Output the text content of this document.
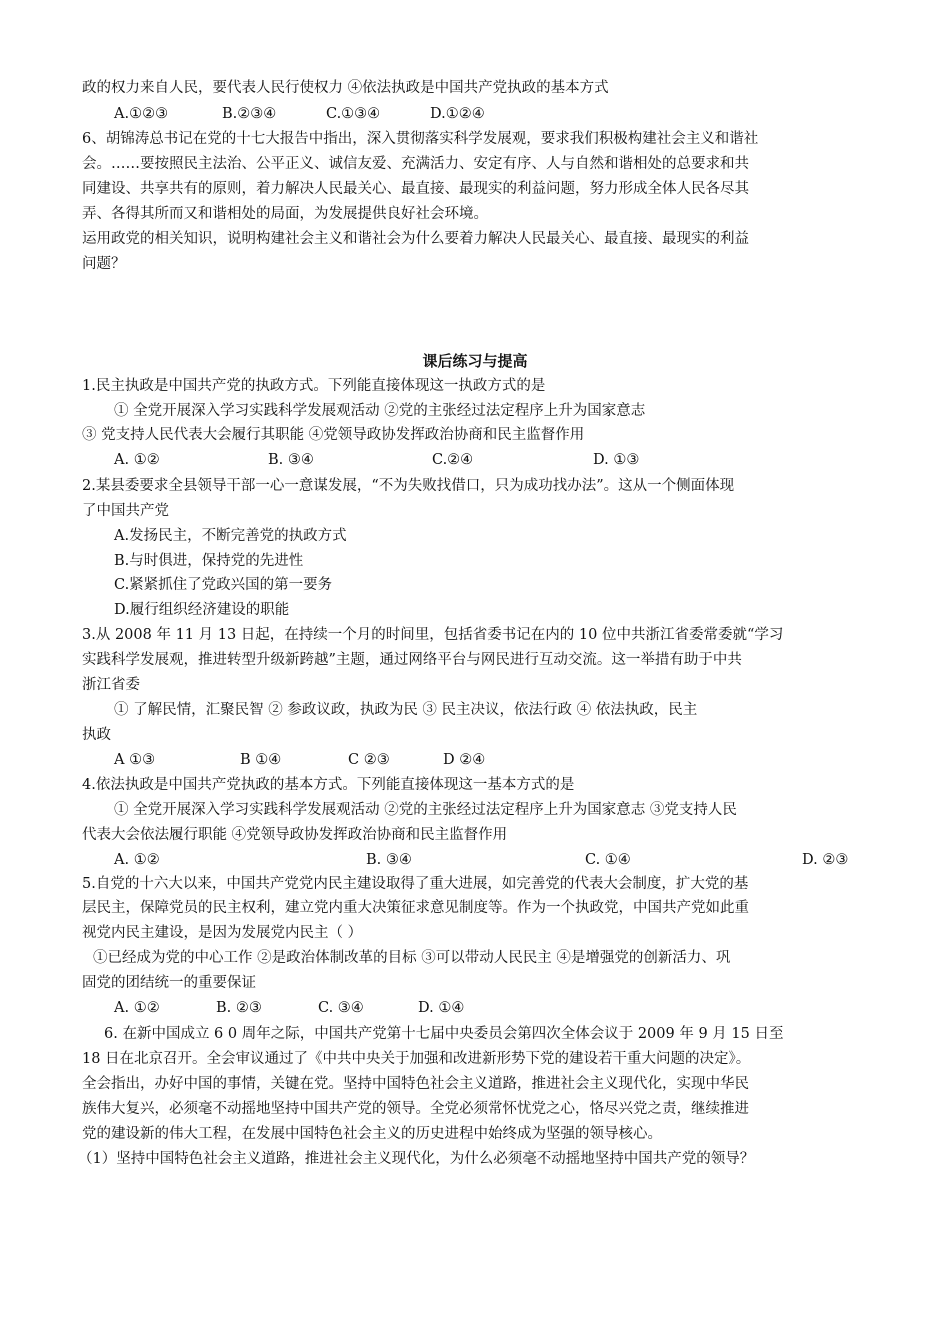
政的权力来自人民，要代表人民行使权力 ④依法执政是中国共产党执政的基本方式
A.①②③	B.②③④	C.①③④	D.①②④
6、胡锦涛总书记在党的十七大报告中指出，深入贯彻落实科学发展观，要求我们积极构建社会主义和谐社
会。……要按照民主法治、公平正义、诚信友爱、充满活力、安定有序、人与自然和谐相处的总要求和共
同建设、共享共有的原则，着力解决人民最关心、最直接、最现实的利益问题，努力形成全体人民各尽其
弄、各得其所而又和谐相处的局面，为发展提供良好社会环境。
运用政党的相关知识，说明构建社会主义和谐社会为什么要着力解决人民最关心、最直接、最现实的利益
问题？
课后练习与提高
1.民主执政是中国共产党的执政方式。下列能直接体现这一执政方式的是
① 全党开展深入学习实践科学发展观活动 ②党的主张经过法定程序上升为国家意志
③ 党支持人民代表大会履行其职能 ④党领导政协发挥政治协商和民主监督作用
A. ①②	B. ③④	C.②④	D. ①③
2.某县委要求全县领导干部一心一意谋发展，“不为失败找借口，只为成功找办法”。这从一个侧面体现
了中国共产党
A.发扬民主，不断完善党的执政方式
B.与时俱进，保持党的先进性
C.紧紧抓住了党政兴国的第一要务
D.履行组织经济建设的职能
3.从 2008 年 11 月 13 日起，在持续一个月的时间里，包括省委书记在内的 10 位中共浙江省委常委就“学习
实践科学发展观，推进转型升级新跨越”主题，通过网络平台与网民进行互动交流。这一举措有助于中共
浙江省委
① 了解民情，汇聚民智 ② 参政议政，执政为民 ③ 民主决议，依法行政 ④ 依法执政，民主
执政
A ①③	B ①④	C ②③	D ②④
4.依法执政是中国共产党执政的基本方式。下列能直接体现这一基本方式的是
① 全党开展深入学习实践科学发展观活动 ②党的主张经过法定程序上升为国家意志 ③党支持人民
代表大会依法履行职能 ④党领导政协发挥政治协商和民主监督作用
A. ①②	B. ③④	C. ①④	D. ②③
5.自党的十六大以来，中国共产党党内民主建设取得了重大进展，如完善党的代表大会制度，扩大党的基
层民主，保障党员的民主权利，建立党内重大决策征求意见制度等。作为一个执政党，中国共产党如此重
视党内民主建设，是因为发展党内民主（ ）
①已经成为党的中心工作 ②是政治体制改革的目标 ③可以带动人民民主 ④是增强党的创新活力、巩
固党的团结统一的重要保证
A. ①②	B. ②③	C. ③④	D. ①④
6. 在新中国成立 6 0 周年之际，中国共产党第十七届中央委员会第四次全体会议于 2009 年 9 月 15 日至
18 日在北京召开。全会审议通过了《中共中央关于加强和改进新形势下党的建设若干重大问题的决定》。
全会指出，办好中国的事情，关键在党。坚持中国特色社会主义道路，推进社会主义现代化，实现中华民
族伟大复兴，必须毫不动摇地坚持中国共产党的领导。全党必须常怀忧党之心，恪尽兴党之责，继续推进
党的建设新的伟大工程，在发展中国特色社会主义的历史进程中始终成为坚强的领导核心。
（1）坚持中国特色社会主义道路，推进社会主义现代化，为什么必须毫不动摇地坚持中国共产党的领导？
